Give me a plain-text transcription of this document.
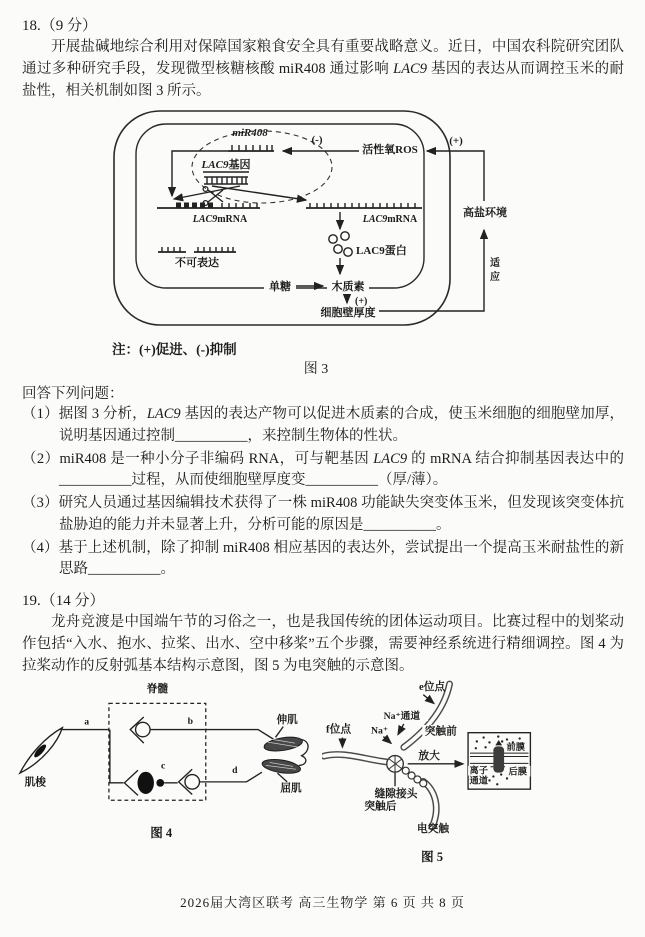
18.（9 分）

开展盐碱地综合利用对保障国家粮食安全具有重要战略意义。近日，中国农科院研究团队通过多种研究手段，发现微型核糖核酸 miR408 通过影响 LAC9 基因的表达从而调控玉米的耐盐性，相关机制如图 3 所示。

miR408
(-)
活性氧ROS
(+)
LAC9基因
LAC9mRNA	LAC9mRNA
不可表达
LAC9蛋白
单糖	木质素
(+)
细胞壁厚度
高盐环境
适
应
注：(+)促进、(-)抑制
图 3
回答下列问题：
（1）据图 3 分析，LAC9 基因的表达产物可以促进木质素的合成，使玉米细胞的细胞壁加厚，说明基因通过控制__________，来控制生物体的性状。
（2）miR408 是一种小分子非编码 RNA，可与靶基因 LAC9 的 mRNA 结合抑制基因表达中的__________过程，从而使细胞壁厚度变__________（厚/薄）。
（3）研究人员通过基因编辑技术获得了一株 miR408 功能缺失突变体玉米，但发现该突变体抗盐胁迫的能力并未显著上升，分析可能的原因是__________。
（4）基于上述机制，除了抑制 miR408 相应基因的表达外，尝试提出一个提高玉米耐盐性的新思路__________。
19.（14 分）

龙舟竞渡是中国端午节的习俗之一，也是我国传统的团体运动项目。比赛过程中的划桨动作包括“入水、抱水、拉桨、出水、空中移桨”五个步骤，需要神经系统进行精细调控。图 4 为拉桨动作的反射弧基本结构示意图，图 5 为电突触的示意图。

脊髓
肌梭
a	b
c	d
伸肌
屈肌
图 4
前膜
后膜
离子
通道
e位点
Na⁺通道
Na⁺
f位点	突触前
放大
缝隙接头
突触后
电突触
图 5
2026届大湾区联考 高三生物学 第 6 页 共 8 页
